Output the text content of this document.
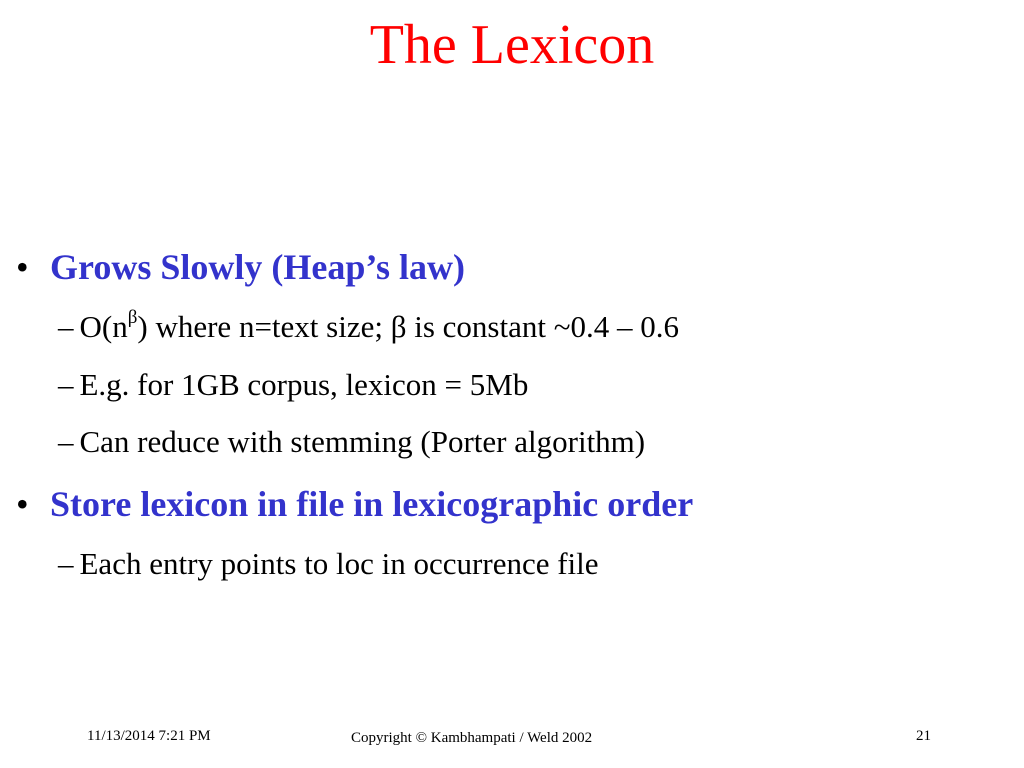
The Lexicon
• Grows Slowly (Heap’s law)
– $O(n^\beta)$ where n=text size; β is constant ~0.4 – 0.6
– E.g. for 1GB corpus, lexicon = 5Mb
– Can reduce with stemming (Porter algorithm)
• Store lexicon in file in lexicographic order
– Each entry points to loc in occurrence file
11/13/2014 7:21 PM	Copyright © Kambhampati / Weld 2002	21
